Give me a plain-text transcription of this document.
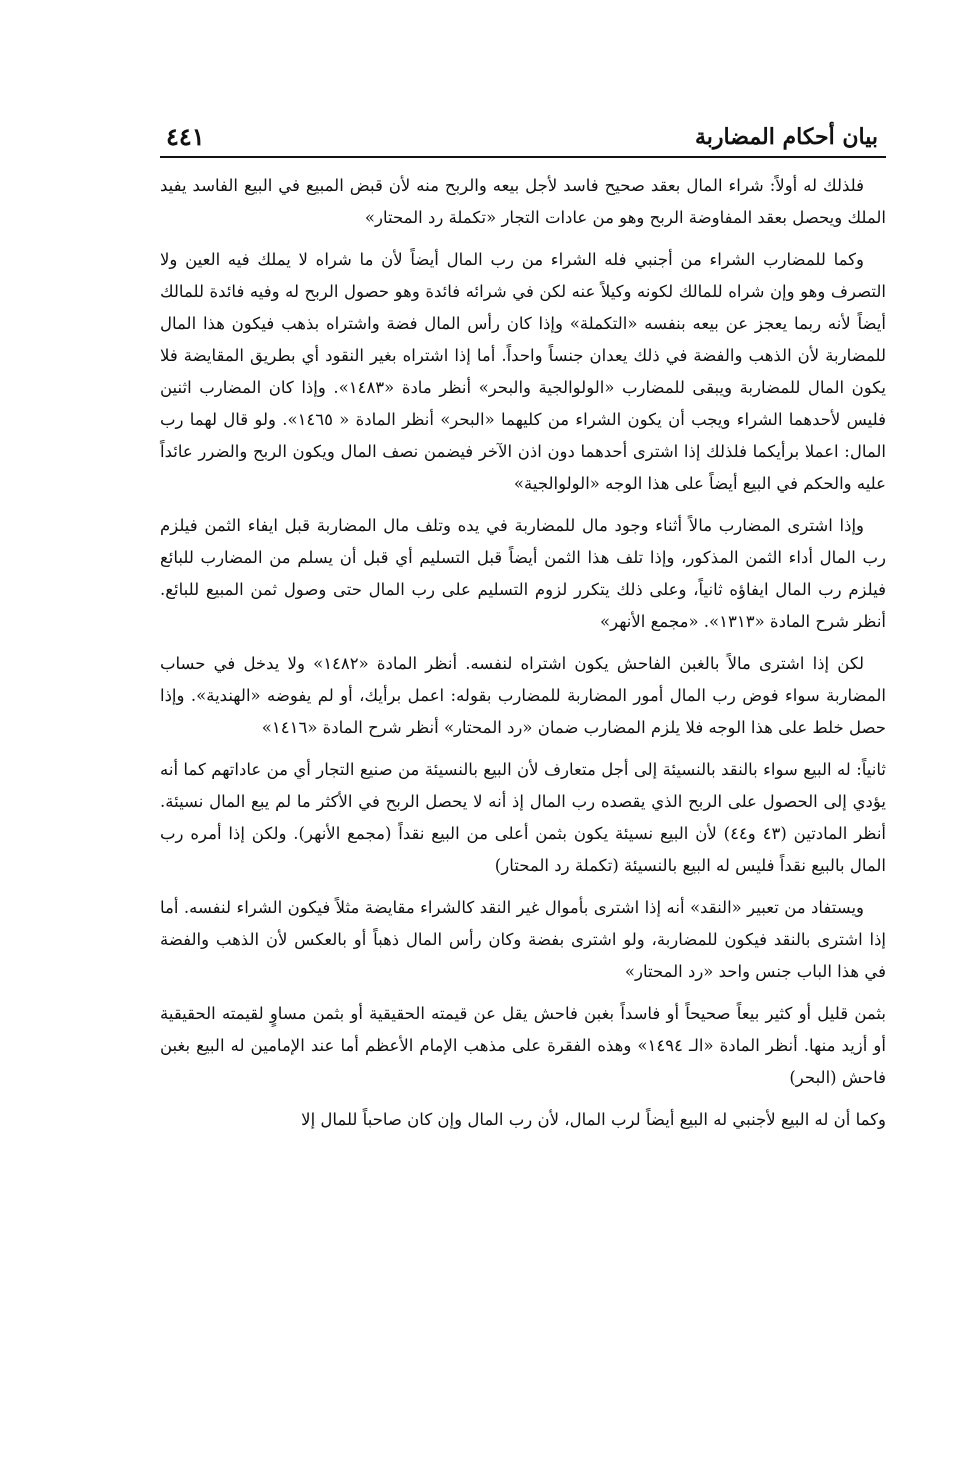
بيان أحكام المضاربة
٤٤١

فلذلك له أولاً: شراء المال بعقد صحيح فاسد لأجل بيعه والربح منه لأن قبض المبيع في البيع الفاسد يفيد الملك ويحصل بعقد المفاوضة الربح وهو من عادات التجار «تكملة رد المحتار»

وكما للمضارب الشراء من أجنبي فله الشراء من رب المال أيضاً لأن ما شراه لا يملك فيه العين ولا التصرف وهو وإن شراه للمالك لكونه وكيلاً عنه لكن في شرائه فائدة وهو حصول الربح له وفيه فائدة للمالك أيضاً لأنه ربما يعجز عن بيعه بنفسه «التكملة» وإذا كان رأس المال فضة واشتراه بذهب فيكون هذا المال للمضاربة لأن الذهب والفضة في ذلك يعدان جنساً واحداً. أما إذا اشتراه بغير النقود أي بطريق المقايضة فلا يكون المال للمضاربة ويبقى للمضارب «الولوالجية والبحر» أنظر مادة «١٤٨٣». وإذا كان المضارب اثنين فليس لأحدهما الشراء ويجب أن يكون الشراء من كليهما «البحر» أنظر المادة « ١٤٦٥». ولو قال لهما رب المال: اعملا برأيكما فلذلك إذا اشترى أحدهما دون اذن الآخر فيضمن نصف المال ويكون الربح والضرر عائداً عليه والحكم في البيع أيضاً على هذا الوجه «الولوالجية»

وإذا اشترى المضارب مالاً أثناء وجود مال للمضاربة في يده وتلف مال المضاربة قبل ايفاء الثمن فيلزم رب المال أداء الثمن المذكور، وإذا تلف هذا الثمن أيضاً قبل التسليم أي قبل أن يسلم من المضارب للبائع فيلزم رب المال ايفاؤه ثانياً، وعلى ذلك يتكرر لزوم التسليم على رب المال حتى وصول ثمن المبيع للبائع. أنظر شرح المادة «١٣١٣». «مجمع الأنهر»

لكن إذا اشترى مالاً بالغبن الفاحش يكون اشتراه لنفسه. أنظر المادة «١٤٨٢» ولا يدخل في حساب المضاربة سواء فوض رب المال أمور المضاربة للمضارب بقوله: اعمل برأيك، أو لم يفوضه «الهندية». وإذا حصل خلط على هذا الوجه فلا يلزم المضارب ضمان «رد المحتار» أنظر شرح المادة «١٤١٦»

ثانياً: له البيع سواء بالنقد بالنسيئة إلى أجل متعارف لأن البيع بالنسيئة من صنيع التجار أي من عاداتهم كما أنه يؤدي إلى الحصول على الربح الذي يقصده رب المال إذ أنه لا يحصل الربح في الأكثر ما لم يبع المال نسيئة. أنظر المادتين (٤٣ و٤٤) لأن البيع نسيئة يكون بثمن أعلى من البيع نقداً (مجمع الأنهر). ولكن إذا أمره رب المال بالبيع نقداً فليس له البيع بالنسيئة (تكملة رد المحتار)

ويستفاد من تعبير «النقد» أنه إذا اشترى بأموال غير النقد كالشراء مقايضة مثلاً فيكون الشراء لنفسه. أما إذا اشترى بالنقد فيكون للمضاربة، ولو اشترى بفضة وكان رأس المال ذهباً أو بالعكس لأن الذهب والفضة في هذا الباب جنس واحد «رد المحتار»

بثمن قليل أو كثير بيعاً صحيحاً أو فاسداً بغبن فاحش يقل عن قيمته الحقيقية أو بثمن مساوٍ لقيمته الحقيقية أو أزيد منها. أنظر المادة «الـ ١٤٩٤» وهذه الفقرة على مذهب الإمام الأعظم أما عند الإمامين له البيع بغبن فاحش (البحر)

وكما أن له البيع لأجنبي له البيع أيضاً لرب المال، لأن رب المال وإن كان صاحباً للمال إلا
